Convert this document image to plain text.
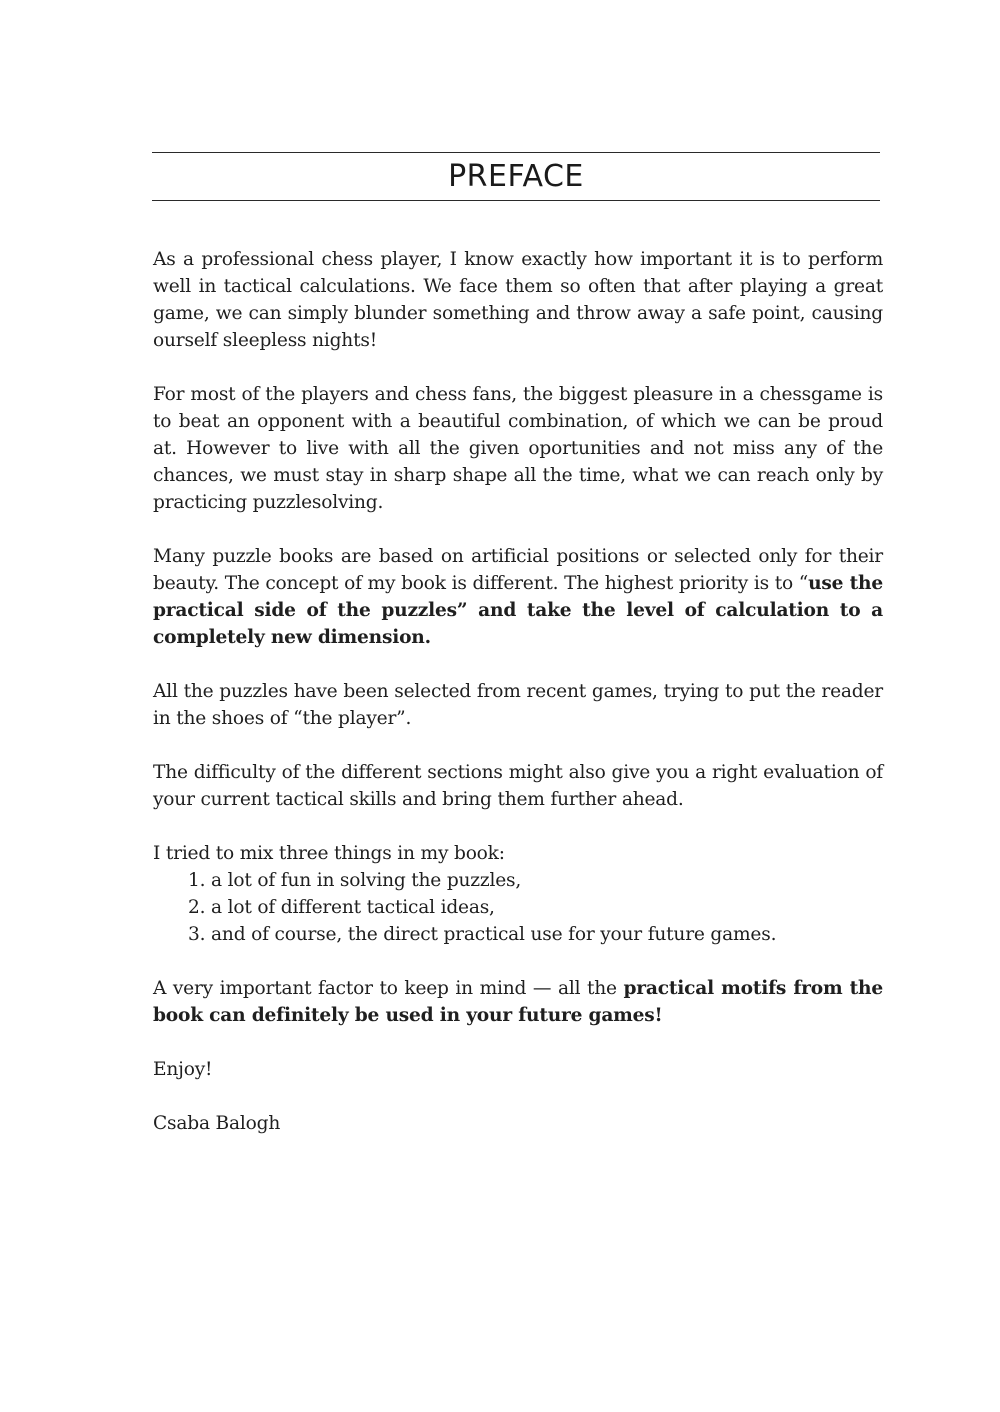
PREFACE

As a professional chess player, I know exactly how important it is to perform well in tactical calculations. We face them so often that after playing a great game, we can simply blunder something and throw away a safe point, causing ourself sleepless nights!

For most of the players and chess fans, the biggest pleasure in a chessgame is to beat an opponent with a beautiful combination, of which we can be proud at. However to live with all the given oportunities and not miss any of the chances, we must stay in sharp shape all the time, what we can reach only by practicing puzzlesolving.

Many puzzle books are based on artificial positions or selected only for their beauty. The concept of my book is different. The highest priority is to “use the practical side of the puzzles” and take the level of calculation to a completely new dimension.

All the puzzles have been selected from recent games, trying to put the reader in the shoes of “the player”.

The difficulty of the different sections might also give you a right evaluation of your current tactical skills and bring them further ahead.

I tried to mix three things in my book:

1. a lot of fun in solving the puzzles,
2. a lot of different tactical ideas,
3. and of course, the direct practical use for your future games.

A very important factor to keep in mind — all the practical motifs from the book can definitely be used in your future games!

Enjoy!

Csaba Balogh
